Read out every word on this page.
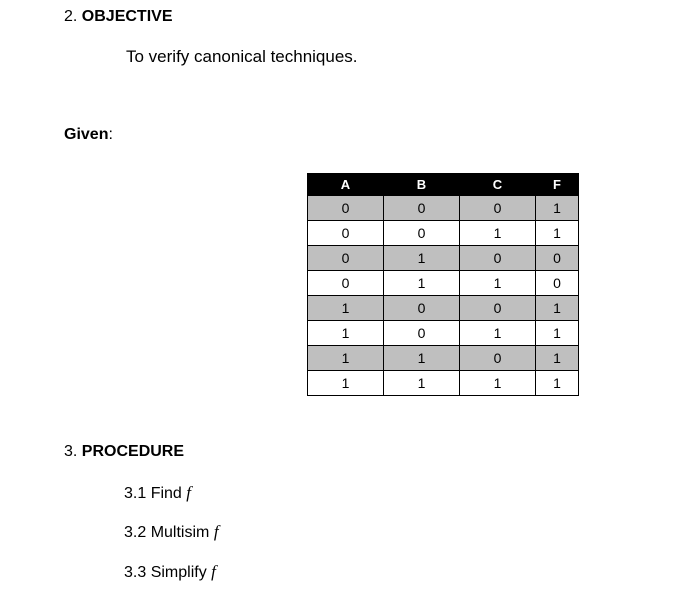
2. OBJECTIVE
To verify canonical techniques.
Given:
A	B	C	F
0	0	0	1
0	0	1	1
0	1	0	0
0	1	1	0
1	0	0	1
1	0	1	1
1	1	0	1
1	1	1	1
3. PROCEDURE
3.1 Find f
3.2 Multisim f
3.3 Simplify f
